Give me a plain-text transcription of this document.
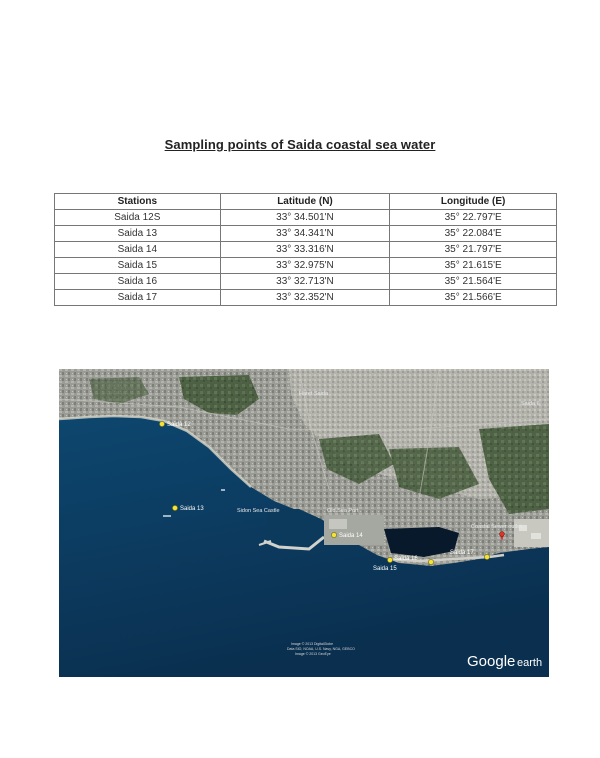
Sampling points of Saida coastal sea water
Stations	Latitude (N)	Longitude (E)
Saida 12S	33° 34.501'N	35° 22.797'E
Saida 13	33° 34.341'N	35° 22.084'E
Saida 14	33° 33.316'N	35° 21.797'E
Saida 15	33° 32.975'N	35° 21.615'E
Saida 16	33° 32.713'N	35° 21.564'E
Saida 17	33° 32.352'N	35° 21.566'E
Haret Saida
Saida 6
Sidon Sea Castle	Old Sea Port
Coastal Sewer outlet
Saida 12
Saida 13
Saida 14
Saida 15
Saida 16
Saida 17
Image © 2013 DigitalGlobe
Data SIO, NOAA, U.S. Navy, NGA, GEBCO
Image © 2013 GeoEye	Google earth
